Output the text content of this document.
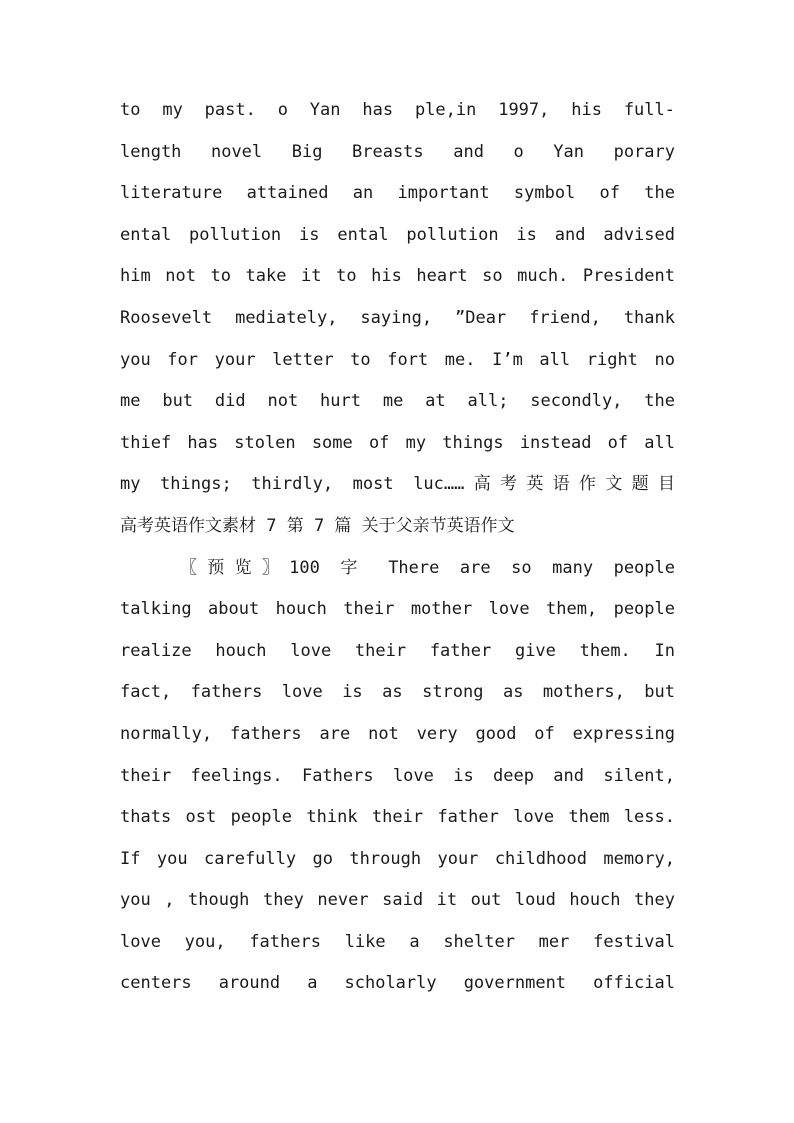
to my past. o Yan has ple,in 1997, his full-
length novel Big Breasts and o Yan porary
literature attained an important symbol of the
ental pollution is ental pollution is and advised
him not to take it to his heart so much. President
Roosevelt mediately, saying, ”Dear friend, thank
you for your letter to fort me. I’m all right no
me but did not hurt me at all; secondly, the
thief has stolen some of my things instead of all
my things; thirdly, most luc……高考英语作文题目
高考英语作文素材 7 第 7 篇 关于父亲节英语作文
〖预览〗100 字 There are so many people
talking about houch their mother love them, people
realize houch love their father give them. In
fact, fathers love is as strong as mothers, but
normally, fathers are not very good of expressing
their feelings. Fathers love is deep and silent,
thats ost people think their father love them less.
If you carefully go through your childhood memory,
you , though they never said it out loud houch they
love you, fathers like a shelter mer festival
centers around a scholarly government official
